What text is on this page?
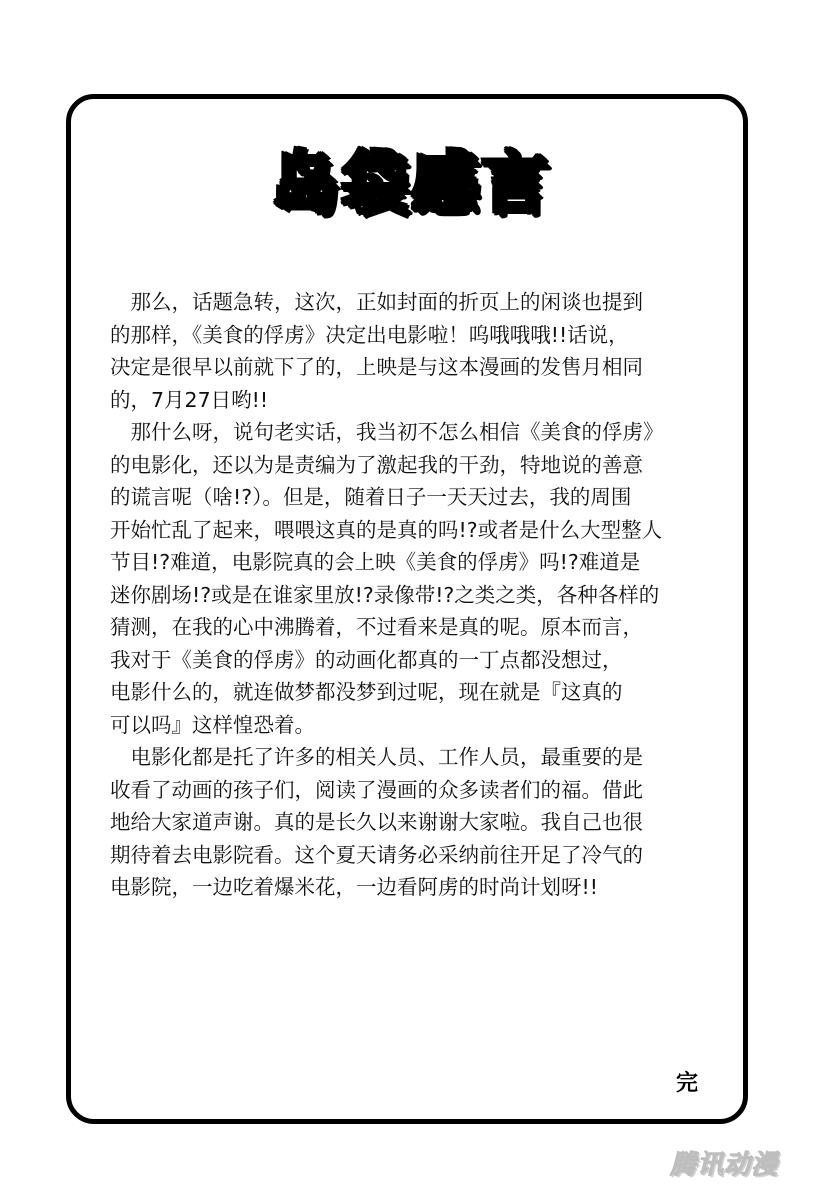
岛袋感言
　那么，话题急转，这次，正如封面的折页上的闲谈也提到
的那样，《美食的俘虏》决定出电影啦！呜哦哦哦!!话说，
决定是很早以前就下了的，上映是与这本漫画的发售月相同
的，7月27日哟!!
　那什么呀，说句老实话，我当初不怎么相信《美食的俘虏》
的电影化，还以为是责编为了激起我的干劲，特地说的善意
的谎言呢（啥!?）。但是，随着日子一天天过去，我的周围
开始忙乱了起来，喂喂这真的是真的吗!?或者是什么大型整人
节目!?难道，电影院真的会上映《美食的俘虏》吗!?难道是
迷你剧场!?或是在谁家里放!?录像带!?之类之类，各种各样的
猜测，在我的心中沸腾着，不过看来是真的呢。原本而言，
我对于《美食的俘虏》的动画化都真的一丁点都没想过，
电影什么的，就连做梦都没梦到过呢，现在就是『这真的
可以吗』这样惶恐着。
　电影化都是托了许多的相关人员、工作人员，最重要的是
收看了动画的孩子们，阅读了漫画的众多读者们的福。借此
地给大家道声谢。真的是长久以来谢谢大家啦。我自己也很
期待着去电影院看。这个夏天请务必采纳前往开足了冷气的
电影院，一边吃着爆米花，一边看阿虏的时尚计划呀!!
完
腾讯动漫
